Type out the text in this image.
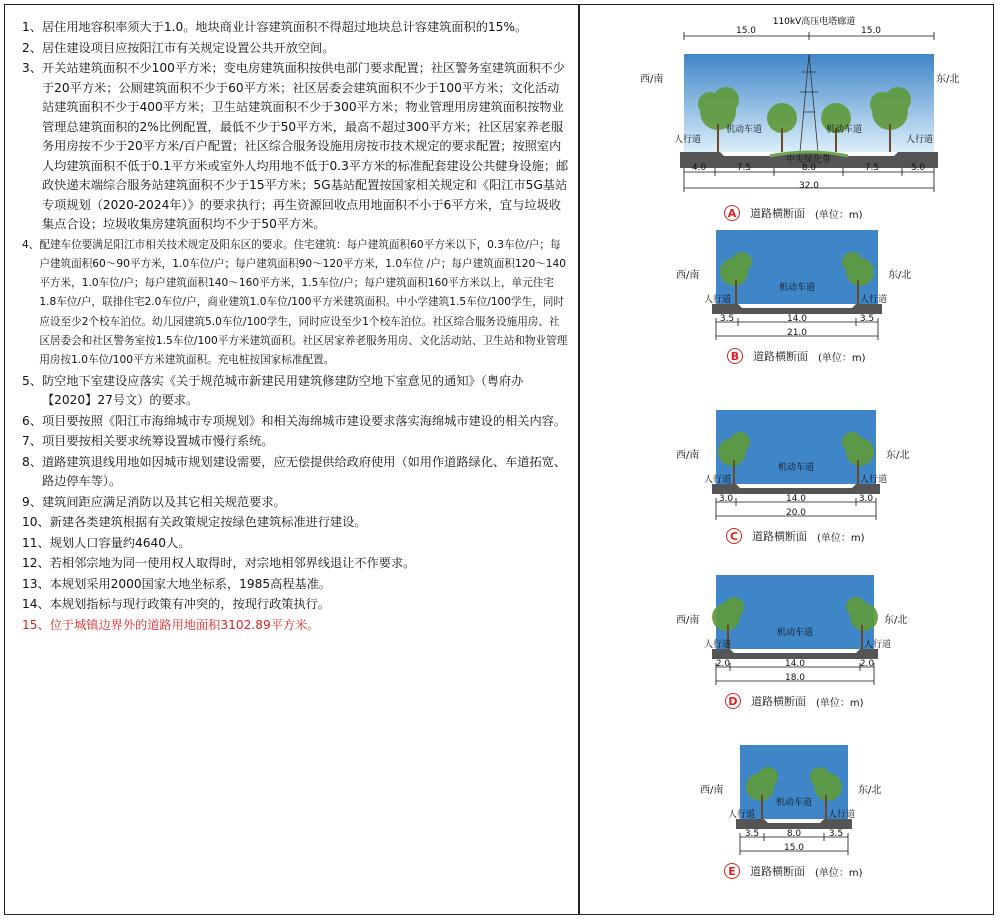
1、 居住用地容积率须大于1.0。地块商业计容建筑面积不得超过地块总计容建筑面积的15%。
2、 居住建设项目应按阳江市有关规定设置公共开放空间。
3、 开关站建筑面积不少100平方米；变电房建筑面积按供电部门要求配置；社区警务室建筑面积不少于20平方米；公厕建筑面积不少于60平方米；社区居委会建筑面积不少于100平方米；文化活动站建筑面积不少于400平方米；卫生站建筑面积不少于300平方米；物业管理用房建筑面积按物业管理总建筑面积的2%比例配置，最低不少于50平方米，最高不超过300平方米；社区居家养老服务用房按不少于20平方米/百户配置；社区综合服务设施用房按市技术规定的要求配置；按照室内人均建筑面积不低于0.1平方米或室外人均用地不低于0.3平方米的标准配套建设公共健身设施；邮政快递末端综合服务站建筑面积不少于15平方米；5G基站配置按国家相关规定和《阳江市5G基站专项规划（2020-2024年）》的要求执行；再生资源回收点用地面积不小于6平方米，宜与垃圾收集点合设；垃圾收集房建筑面积均不少于50平方米。
4、 配建车位要满足阳江市相关技术规定及阳东区的要求。住宅建筑：每户建筑面积60平方米以下，0.3车位/户；每户建筑面积60～90平方米，1.0车位/户；每户建筑面积90～120平方米，1.0车位 /户；每户建筑面积120～140平方米，1.0车位/户；每户建筑面积140～160平方米，1.5车位/户；每户建筑面积160平方米以上，单元住宅1.8车位/户，联排住宅2.0车位/户，商业建筑1.0车位/100平方米建筑面积。中小学建筑1.5车位/100学生，同时应设至少2个校车泊位。幼儿园建筑5.0车位/100学生，同时应设至少1个校车泊位。社区综合服务设施用房、社区居委会和社区警务室按1.5车位/100平方米建筑面积。社区居家养老服务用房、文化活动站、卫生站和物业管理用房按1.0车位/100平方米建筑面积。充电桩按国家标准配置。
5、 防空地下室建设应落实《关于规范城市新建民用建筑修建防空地下室意见的通知》（粤府办【2020】27号文）的要求。
6、 项目要按照《阳江市海绵城市专项规划》和相关海绵城市建设要求落实海绵城市建设的相关内容。
7、 项目要按相关要求统筹设置城市慢行系统。
8、 道路建筑退线用地如因城市规划建设需要，应无偿提供给政府使用（如用作道路绿化、车道拓宽、路边停车等）。
9、 建筑间距应满足消防以及其它相关规范要求。
10、 新建各类建筑根据有关政策规定按绿色建筑标准进行建设。
11、 规划人口容量约4640人。
12、 若相邻宗地为同一使用权人取得时，对宗地相邻界线退让不作要求。
13、 本规划采用2000国家大地坐标系，1985高程基准。
14、 本规划指标与现行政策有冲突的，按现行政策执行。
15、 位于城镇边界外的道路用地面积3102.89平方米。
110kV高压电塔廊道
15.0	15.0
西/南	东/北
人行道
机动车道	机动车道
人行道
中央绿化带
4.0	7.5	8.0	7.5	5.0
32.0
A	道路横断面 (单位：m)
西/南	东/北
人行道
机动车道
人行道
3.5	14.0	3.5
21.0
B	道路横断面 (单位：m)
西/南	东/北
人行道
机动车道
人行道
3.0	14.0	3.0
20.0
C	道路横断面 (单位：m)
西/南	东/北
人行道
机动车道
人行道
2.0	14.0	2.0
18.0
D	道路横断面 (单位：m)
西/南	东/北
人行道
机动车道
人行道
3.5	8.0	3.5
15.0
E	道路横断面 (单位：m)
